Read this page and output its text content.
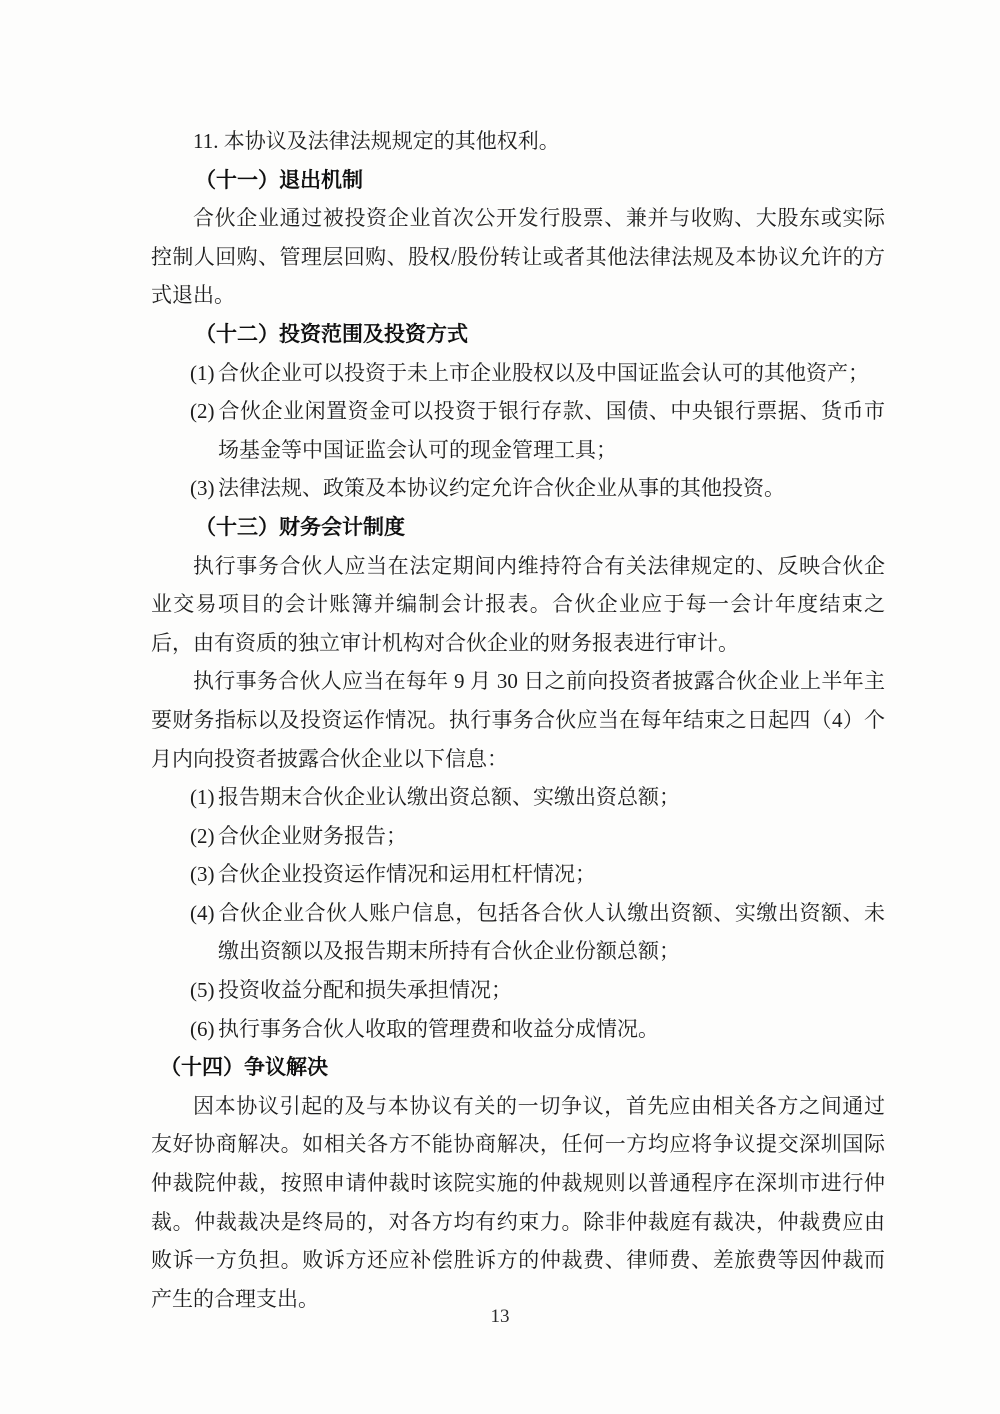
11. 本协议及法律法规规定的其他权利。

（十一）退出机制

合伙企业通过被投资企业首次公开发行股票、兼并与收购、大股东或实际控制人回购、管理层回购、股权/股份转让或者其他法律法规及本协议允许的方式退出。

（十二）投资范围及投资方式

(1) 合伙企业可以投资于未上市企业股权以及中国证监会认可的其他资产；

(2) 合伙企业闲置资金可以投资于银行存款、国债、中央银行票据、货币市场基金等中国证监会认可的现金管理工具；

(3) 法律法规、政策及本协议约定允许合伙企业从事的其他投资。

（十三）财务会计制度

执行事务合伙人应当在法定期间内维持符合有关法律规定的、反映合伙企业交易项目的会计账簿并编制会计报表。合伙企业应于每一会计年度结束之后，由有资质的独立审计机构对合伙企业的财务报表进行审计。

执行事务合伙人应当在每年 9 月 30 日之前向投资者披露合伙企业上半年主要财务指标以及投资运作情况。执行事务合伙应当在每年结束之日起四（4）个月内向投资者披露合伙企业以下信息：

(1) 报告期末合伙企业认缴出资总额、实缴出资总额；

(2) 合伙企业财务报告；

(3) 合伙企业投资运作情况和运用杠杆情况；

(4) 合伙企业合伙人账户信息，包括各合伙人认缴出资额、实缴出资额、未缴出资额以及报告期末所持有合伙企业份额总额；

(5) 投资收益分配和损失承担情况；

(6) 执行事务合伙人收取的管理费和收益分成情况。

（十四）争议解决

因本协议引起的及与本协议有关的一切争议，首先应由相关各方之间通过友好协商解决。如相关各方不能协商解决，任何一方均应将争议提交深圳国际仲裁院仲裁，按照申请仲裁时该院实施的仲裁规则以普通程序在深圳市进行仲裁。仲裁裁决是终局的，对各方均有约束力。除非仲裁庭有裁决，仲裁费应由败诉一方负担。败诉方还应补偿胜诉方的仲裁费、律师费、差旅费等因仲裁而产生的合理支出。

13
